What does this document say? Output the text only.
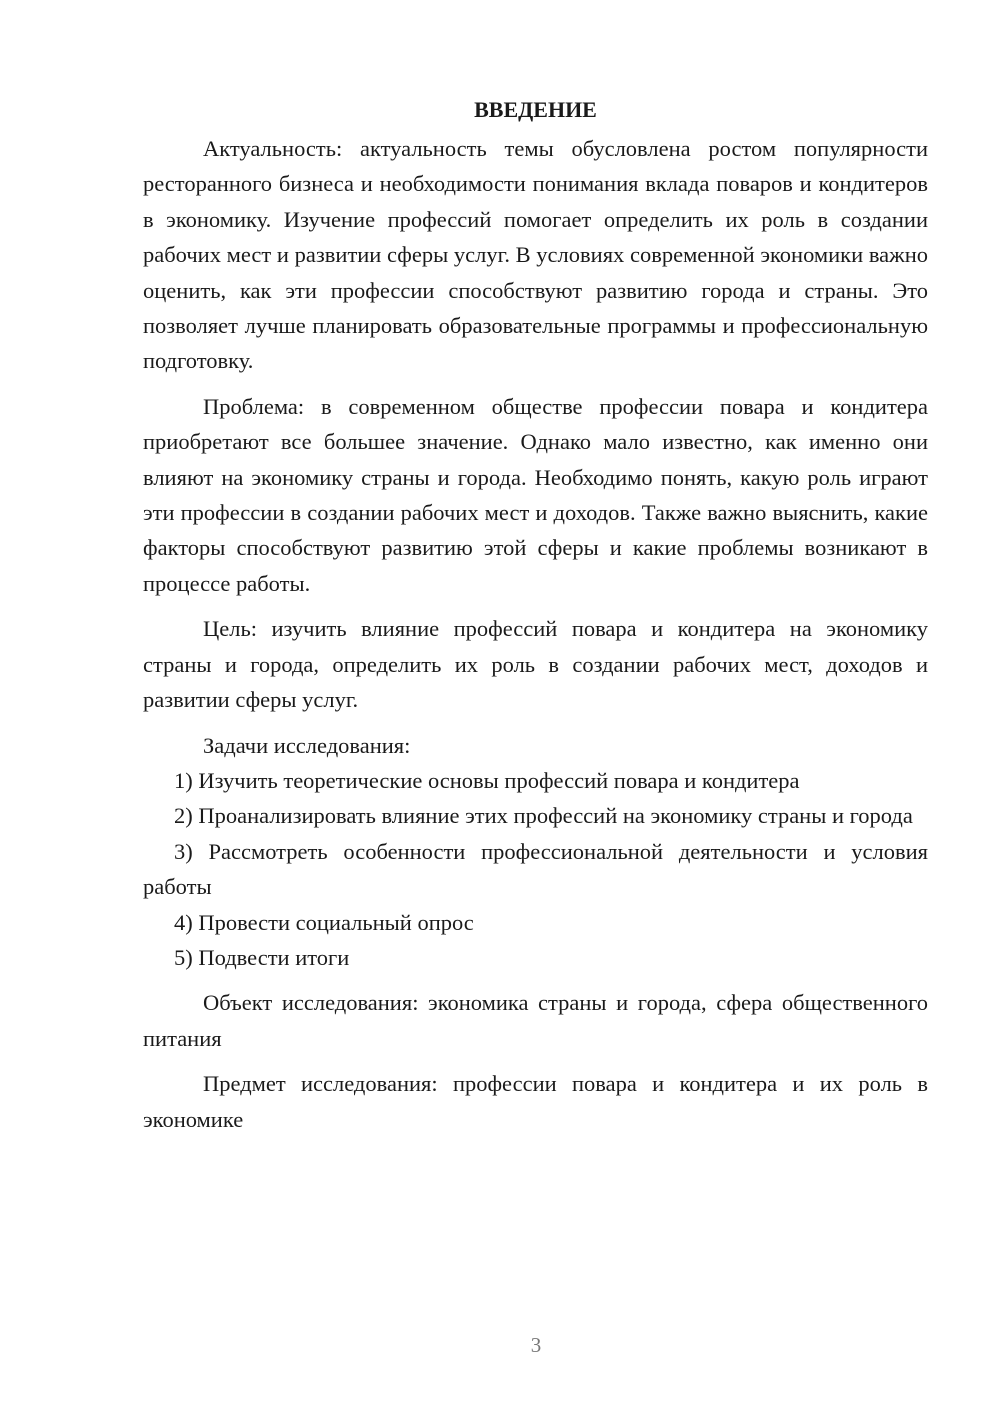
ВВЕДЕНИЕ

Актуальность: актуальность темы обусловлена ростом популярности ресторанного бизнеса и необходимости понимания вклада поваров и кондитеров в экономику. Изучение профессий помогает определить их роль в создании рабочих мест и развитии сферы услуг. В условиях современной экономики важно оценить, как эти профессии способствуют развитию города и страны. Это позволяет лучше планировать образовательные программы и профессиональную подготовку.

Проблема: в современном обществе профессии повара и кондитера приобретают все большее значение. Однако мало известно, как именно они влияют на экономику страны и города. Необходимо понять, какую роль играют эти профессии в создании рабочих мест и доходов. Также важно выяснить, какие факторы способствуют развитию этой сферы и какие проблемы возникают в процессе работы.

Цель: изучить влияние профессий повара и кондитера на экономику страны и города, определить их роль в создании рабочих мест, доходов и развитии сферы услуг.

Задачи исследования:

1) Изучить теоретические основы профессий повара и кондитера

2) Проанализировать влияние этих профессий на экономику страны и города

3) Рассмотреть особенности профессиональной деятельности и условия работы

4) Провести социальный опрос

5) Подвести итоги

Объект исследования: экономика страны и города, сфера общественного питания

Предмет исследования: профессии повара и кондитера и их роль в экономике

3
